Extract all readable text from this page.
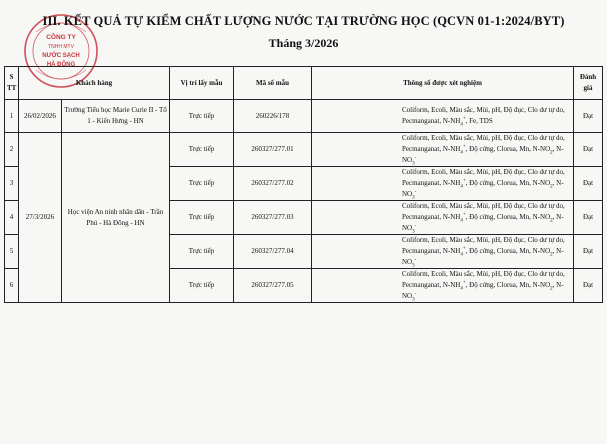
CÔNG TY
TNHH MTV
NƯỚC SẠCH
HÀ ĐÔNG
III. KẾT QUẢ TỰ KIỂM CHẤT LƯỢNG NƯỚC TẠI TRƯỜNG HỌC (QCVN 01-1:2024/BYT)
Tháng 3/2026
S TT	Khách hàng		Vị trí lấy mẫu	Mã số mẫu	Thông số được xét nghiệm	Đánh giá
1	26/02/2026	Trường Tiểu học Marie Curie II - Tổ 1 - Kiến Hưng - HN	Trực tiếp	260226/178	Coliform, Ecoli, Màu sắc, Mùi, pH, Độ đục, Clo dư tự do,
Pecmanganat, $N-NH_4^+$, Fe, TDS	Đạt
2	27/3/2026	Học viện An ninh nhân dân - Trần Phú - Hà Đông - HN	Trực tiếp	260327/277.01	Coliform, Ecoli, Màu sắc, Mùi, pH, Độ đục, Clo dư tự do,
Pecmanganat, $N-NH_4^+$, Độ cứng, Clorua, Mn, $N-NO_2$, $N-NO_3^-$	Đạt
3			Trực tiếp	260327/277.02	Coliform, Ecoli, Màu sắc, Mùi, pH, Độ đục, Clo dư tự do,
Pecmanganat, $N-NH_4^+$, Độ cứng, Clorua, Mn, $N-NO_2$, $N-NO_3^-$	Đạt
4			Trực tiếp	260327/277.03	Coliform, Ecoli, Màu sắc, Mùi, pH, Độ đục, Clo dư tự do,
Pecmanganat, $N-NH_4^+$, Độ cứng, Clorua, Mn, $N-NO_2$, $N-NO_3^-$	Đạt
5			Trực tiếp	260327/277.04	Coliform, Ecoli, Màu sắc, Mùi, pH, Độ đục, Clo dư tự do,
Pecmanganat, $N-NH_4^+$, Độ cứng, Clorua, Mn, $N-NO_2$, $N-NO_3^-$	Đạt
6			Trực tiếp	260327/277.05	Coliform, Ecoli, Màu sắc, Mùi, pH, Độ đục, Clo dư tự do,
Pecmanganat, $N-NH_4^+$, Độ cứng, Clorua, Mn, $N-NO_2$, $N-NO_3^-$	Đạt
